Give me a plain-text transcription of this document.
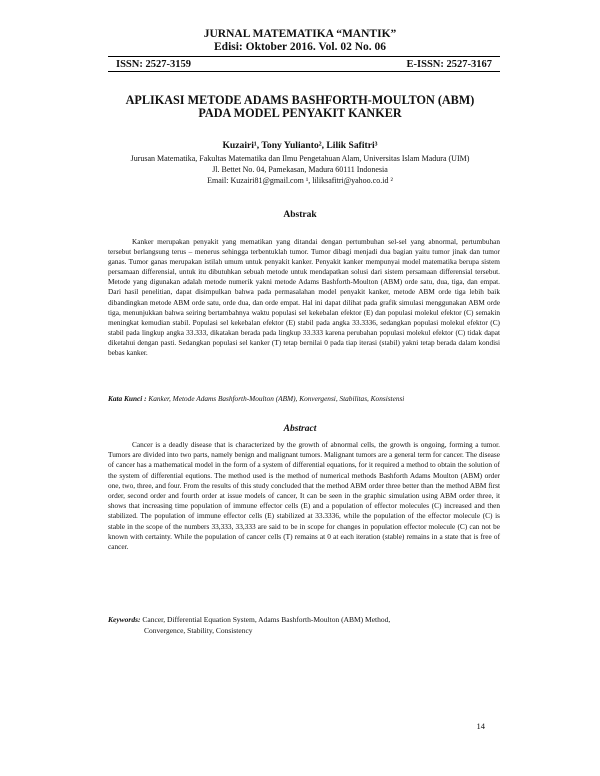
JURNAL MATEMATIKA “MANTIK”
Edisi: Oktober 2016. Vol. 02 No. 06
ISSN: 2527-3159	E-ISSN: 2527-3167
APLIKASI METODE ADAMS BASHFORTH-MOULTON (ABM)
PADA MODEL PENYAKIT KANKER
Kuzairi¹, Tony Yulianto², Lilik Safitri³
Jurusan Matematika, Fakultas Matematika dan Ilmu Pengetahuan Alam, Universitas Islam Madura (UIM)
Jl. Bettet No. 04, Pamekasan, Madura 60111 Indonesia
Email: Kuzairi81@gmail.com ¹, liliksafitri@yahoo.co.id ²
Abstrak
Kanker merupakan penyakit yang mematikan yang ditandai dengan pertumbuhan sel-sel yang abnormal, pertumbuhan tersebut berlangsung terus – menerus sehingga terbentuklah tumor. Tumor dibagi menjadi dua bagian yaitu tumor jinak dan tumor ganas. Tumor ganas merupakan istilah umum untuk penyakit kanker. Penyakit kanker mempunyai model matematika berupa sistem persamaan differensial, untuk itu dibutuhkan sebuah metode untuk mendapatkan solusi dari sistem persamaan differensial tersebut. Metode yang digunakan adalah metode numerik yakni metode Adams Bashforth-Moulton (ABM) orde satu, dua, tiga, dan empat. Dari hasil penelitian, dapat disimpulkan bahwa pada permasalahan model penyakit kanker, metode ABM orde tiga lebih baik dibandingkan metode ABM orde satu, orde dua, dan orde empat. Hal ini dapat dilihat pada grafik simulasi menggunakan ABM orde tiga, menunjukkan bahwa seiring bertambahnya waktu populasi sel kekebalan efektor (E) dan populasi molekul efektor (C) semakin meningkat kemudian stabil. Populasi sel kekebalan efektor (E) stabil pada angka 33.3336, sedangkan populasi molekul efektor (C) stabil pada lingkup angka 33.333, dikatakan berada pada lingkup 33.333 karena perubahan populasi molekul efektor (C) tidak dapat diketahui dengan pasti. Sedangkan populasi sel kanker (T) tetap bernilai 0 pada tiap iterasi (stabil) yakni tetap berada dalam kondisi bebas kanker.
Kata Kunci : Kanker, Metode Adams Bashforth-Moulton (ABM), Konvergensi, Stabilitas, Konsistensi
Abstract
Cancer is a deadly disease that is characterized by the growth of abnormal cells, the growth is ongoing, forming a tumor. Tumors are divided into two parts, namely benign and malignant tumors. Malignant tumors are a general term for cancer. The disease of cancer has a mathematical model in the form of a system of differential equations, for it required a method to obtain the solution of the system of differential equtions. The method used is the method of numerical methods Bashforth Adams Moulton (ABM) order one, two, three, and four. From the results of this study concluded that the method ABM order three better than the method ABM first order, second order and fourth order at issue models of cancer, It can be seen in the graphic simulation using ABM order three, it shows that increasing time population of immune effector cells (E) and a population of effector molecules (C) increased and then stabilized. The population of immune effector cells (E) stabilized at 33.3336, while the population of the effector molecule (C) is stable in the scope of the numbers 33,333, 33,333 are said to be in scope for changes in population effector molecule (C) can not be known with certainty. While the population of cancer cells (T) remains at 0 at each iteration (stable) remains in a state that is free of cancer.
Keywords: Cancer, Differential Equation System, Adams Bashforth-Moulton (ABM) Method,
Convergence, Stability, Consistency
14
